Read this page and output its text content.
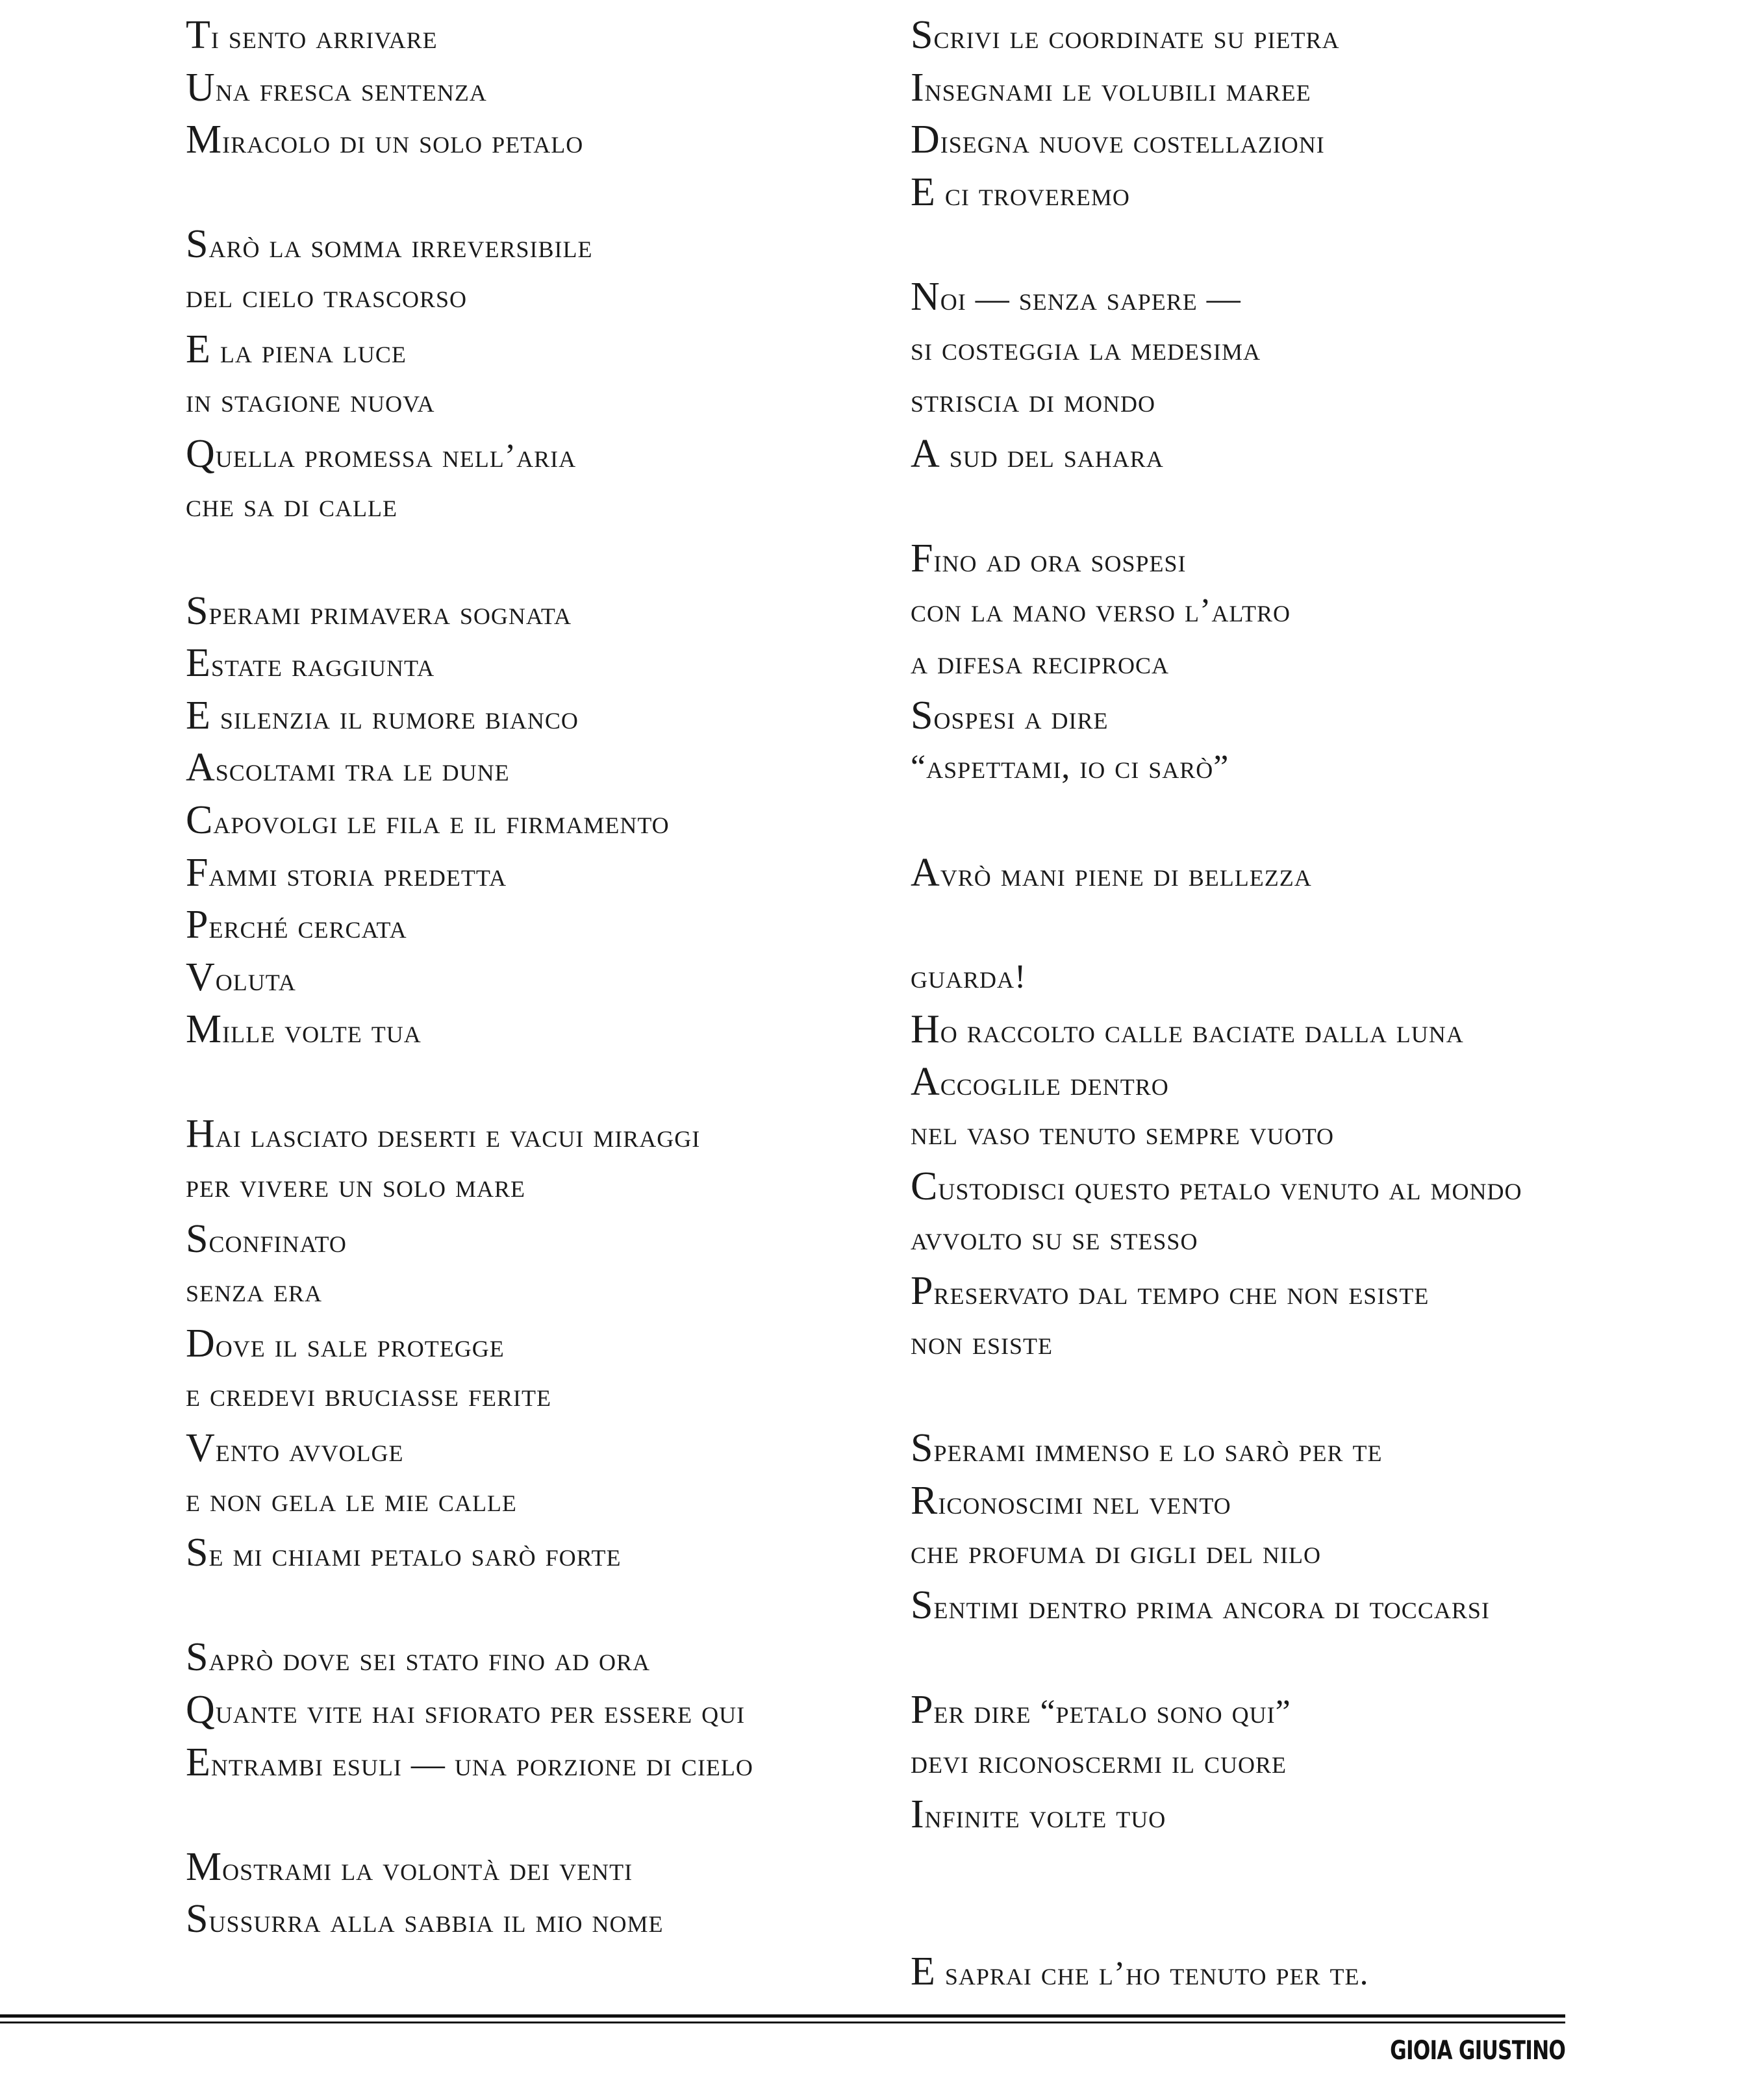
Ti sento arrivare
Una fresca sentenza
Miracolo di un solo petalo
Sarò la somma irreversibile
del cielo trascorso
E la piena luce
in stagione nuova
Quella promessa nell’aria
che sa di calle
Sperami primavera sognata
Estate raggiunta
E silenzia il rumore bianco
Ascoltami tra le dune
Capovolgi le fila e il firmamento
Fammi storia predetta
Perché cercata
Voluta
Mille volte tua
Hai lasciato deserti e vacui miraggi
per vivere un solo mare
Sconfinato
senza era
Dove il sale protegge
e credevi bruciasse ferite
Vento avvolge
e non gela le mie calle
Se mi chiami petalo sarò forte
Saprò dove sei stato fino ad ora
Quante vite hai sfiorato per essere qui
Entrambi esuli — una porzione di cielo
Mostrami la volontà dei venti
Sussurra alla sabbia il mio nome
Scrivi le coordinate su pietra
Insegnami le volubili maree
Disegna nuove costellazioni
E ci troveremo
Noi — senza sapere —
si costeggia la medesima
striscia di mondo
A sud del sahara
Fino ad ora sospesi
con la mano verso l’altro
a difesa reciproca
Sospesi a dire
“aspettami, io ci sarò”
Avrò mani piene di bellezza
guarda!
Ho raccolto calle baciate dalla luna
Accoglile dentro
nel vaso tenuto sempre vuoto
Custodisci questo petalo venuto al mondo
avvolto su se stesso
Preservato dal tempo che non esiste
non esiste
Sperami immenso e lo sarò per te
Riconoscimi nel vento
che profuma di gigli del nilo
Sentimi dentro prima ancora di toccarsi
Per dire “petalo sono qui”
devi riconoscermi il cuore
Infinite volte tuo
E saprai che l’ho tenuto per te.
GIOIA GIUSTINO
